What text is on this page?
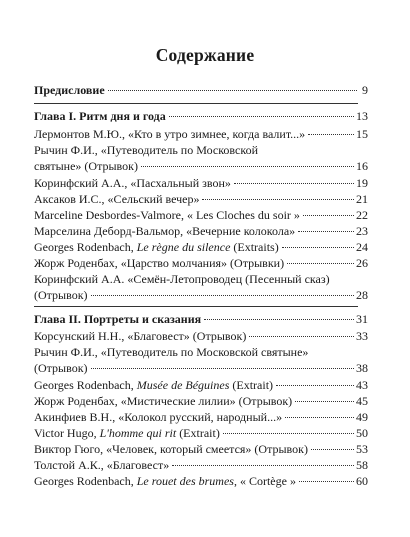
Содержание
Предисловие	9
Глава I. Ритм дня и года	13
Лермонтов М.Ю., «Кто в утро зимнее, когда валит...»	15
Рычин Ф.И., «Путеводитель по Московской
святыне» (Отрывок)	16
Коринфский А.А., «Пасхальный звон»	19
Аксаков И.С., «Сельский вечер»	21
Marceline Desbordes-Valmore, « Les Cloches du soir »	22
Марселина Деборд-Вальмор, «Вечерние колокола»	23
Georges Rodenbach, Le règne du silence (Extraits)	24
Жорж Роденбах, «Царство молчания» (Отрывки)	26
Коринфский А.А. «Семён-Летопроводец (Песенный сказ)
(Отрывок)	28
Глава II. Портреты и сказания	31
Корсунский Н.Н., «Благовест» (Отрывок)	33
Рычин Ф.И., «Путеводитель по Московской святыне»
(Отрывок)	38
Georges Rodenbach, Musée de Béguines (Extrait)	43
Жорж Роденбах, «Мистические лилии» (Отрывок)	45
Акинфиев В.Н., «Колокол русский, народный...»	49
Victor Hugo, L'homme qui rit (Extrait)	50
Виктор Гюго, «Человек, который смеется» (Отрывок)	53
Толстой А.К., «Благовест»	58
Georges Rodenbach, Le rouet des brumes, « Cortège »	60
